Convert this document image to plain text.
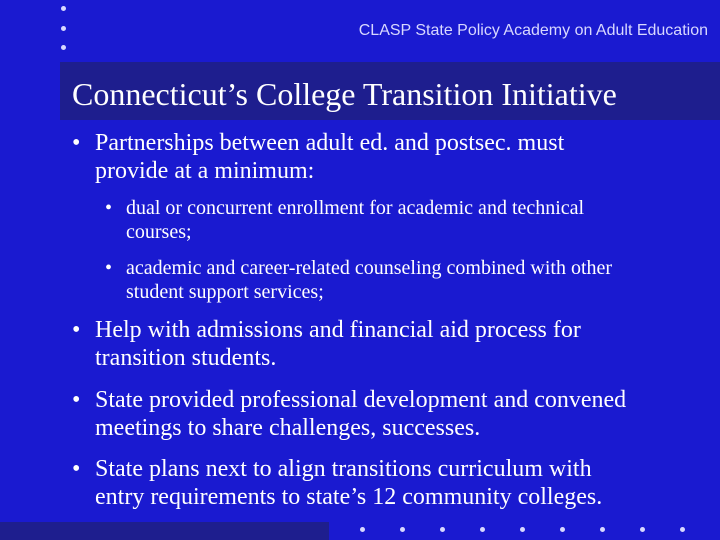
CLASP State Policy Academy on Adult Education
Connecticut’s College Transition Initiative
• Partnerships between adult ed. and postsec. must
provide at a minimum:
• dual or concurrent enrollment for academic and technical
courses;
• academic and career-related counseling combined with other
student support services;
• Help with admissions and financial aid process for
transition students.
• State provided professional development and convened
meetings to share challenges, successes.
• State plans next to align transitions curriculum with
entry requirements to state’s 12 community colleges.
